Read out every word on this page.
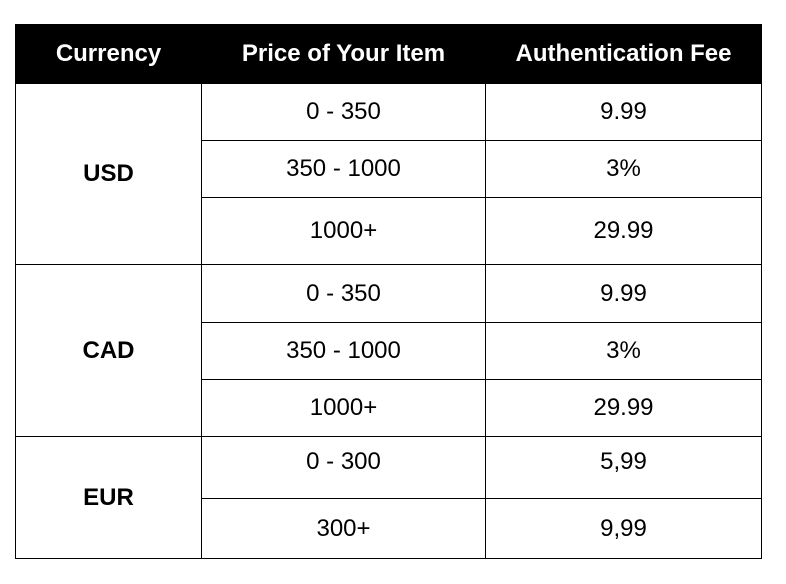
Currency	Price of Your Item	Authentication Fee
USD	0 - 350	9.99
	350 - 1000	3%
	1000+	29.99
CAD	0 - 350	9.99
	350 - 1000	3%
	1000+	29.99
EUR	0 - 300	5,99
	300+	9,99
